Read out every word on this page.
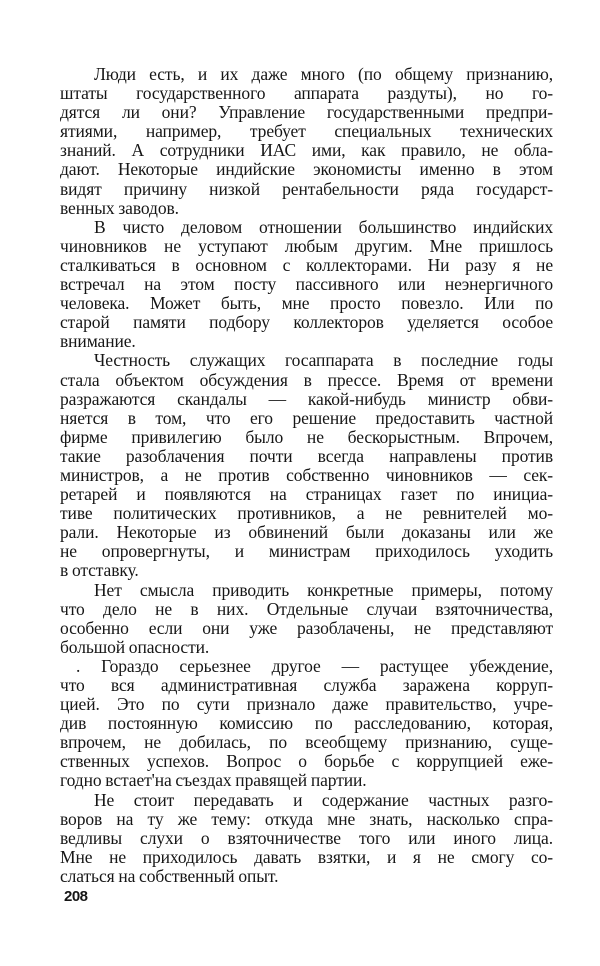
Люди есть, и их даже много (по общему признанию,
штаты государственного аппарата раздуты), но го-
дятся ли они? Управление государственными предпри-
ятиями, например, требует специальных технических
знаний. А сотрудники ИАС ими, как правило, не обла-
дают. Некоторые индийские экономисты именно в этом
видят причину низкой рентабельности ряда государст-
венных заводов.
В чисто деловом отношении большинство индийских
чиновников не уступают любым другим. Мне пришлось
сталкиваться в основном с коллекторами. Ни разу я не
встречал на этом посту пассивного или неэнергичного
человека. Может быть, мне просто повезло. Или по
старой памяти подбору коллекторов уделяется особое
внимание.
Честность служащих госаппарата в последние годы
стала объектом обсуждения в прессе. Время от времени
разражаются скандалы — какой-нибудь министр обви-
няется в том, что его решение предоставить частной
фирме привилегию было не бескорыстным. Впрочем,
такие разоблачения почти всегда направлены против
министров, а не против собственно чиновников — сек-
ретарей и появляются на страницах газет по инициа-
тиве политических противников, а не ревнителей мо-
рали. Некоторые из обвинений были доказаны или же
не опровергнуты, и министрам приходилось уходить
в отставку.
Нет смысла приводить конкретные примеры, потому
что дело не в них. Отдельные случаи взяточничества,
особенно если они уже разоблачены, не представляют
большой опасности.
. Гораздо серьезнее другое — растущее убеждение,
что вся административная служба заражена корруп-
цией. Это по сути признало даже правительство, учре-
див постоянную комиссию по расследованию, которая,
впрочем, не добилась, по всеобщему признанию, суще-
ственных успехов. Вопрос о борьбе с коррупцией еже-
годно встает'на съездах правящей партии.
Не стоит передавать и содержание частных разго-
воров на ту же тему: откуда мне знать, насколько спра-
ведливы слухи о взяточничестве того или иного лица.
Мне не приходилось давать взятки, и я не смогу со-
слаться на собственный опыт.
208
